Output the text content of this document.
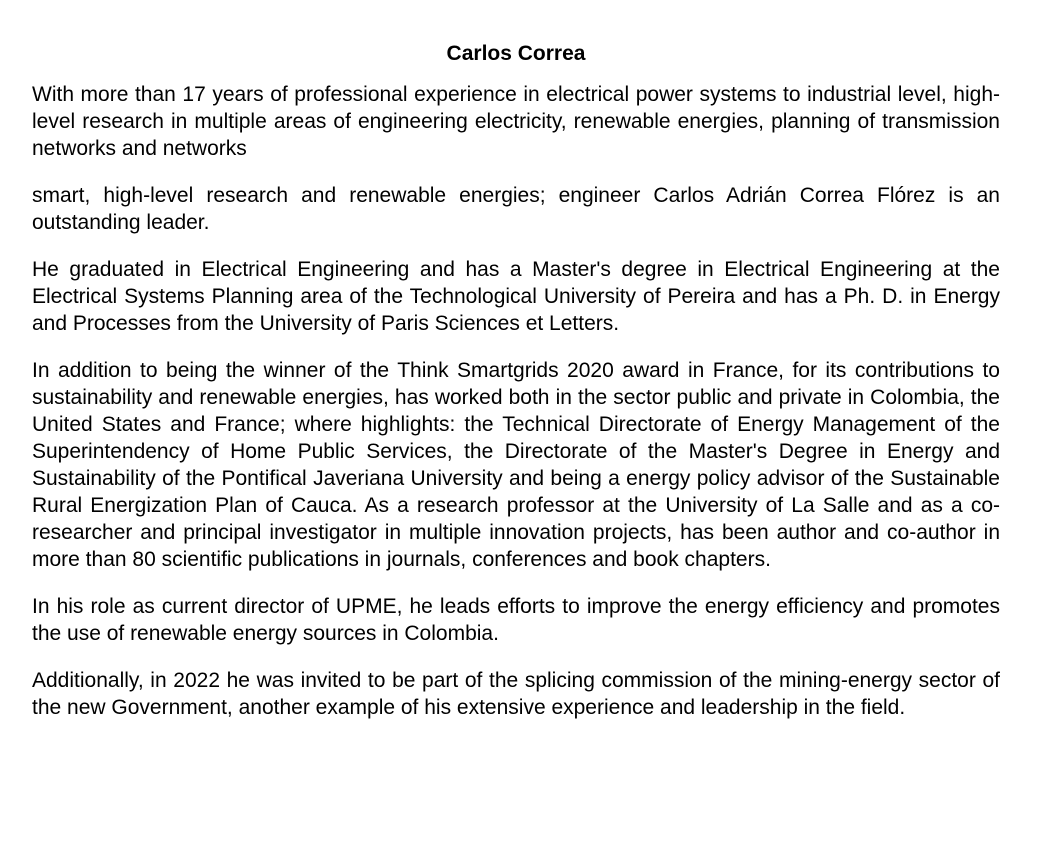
Carlos Correa

With more than 17 years of professional experience in electrical power systems to industrial level, high-level research in multiple areas of engineering electricity, renewable energies, planning of transmission networks and networks

smart, high-level research and renewable energies; engineer Carlos Adrián Correa Flórez is an outstanding leader.

He graduated in Electrical Engineering and has a Master's degree in Electrical Engineering at the Electrical Systems Planning area of the Technological University of Pereira and has a Ph. D. in Energy and Processes from the University of Paris Sciences et Letters.

In addition to being the winner of the Think Smartgrids 2020 award in France, for its contributions to sustainability and renewable energies, has worked both in the sector public and private in Colombia, the United States and France; where highlights: the Technical Directorate of Energy Management of the Superintendency of Home Public Services, the Directorate of the Master's Degree in Energy and Sustainability of the Pontifical Javeriana University and being a energy policy advisor of the Sustainable Rural Energization Plan of Cauca. As a research professor at the University of La Salle and as a co-researcher and principal investigator in multiple innovation projects, has been author and co-author in more than 80 scientific publications in journals, conferences and book chapters.

In his role as current director of UPME, he leads efforts to improve the energy efficiency and promotes the use of renewable energy sources in Colombia.

Additionally, in 2022 he was invited to be part of the splicing commission of the mining-energy sector of the new Government, another example of his extensive experience and leadership in the field.
